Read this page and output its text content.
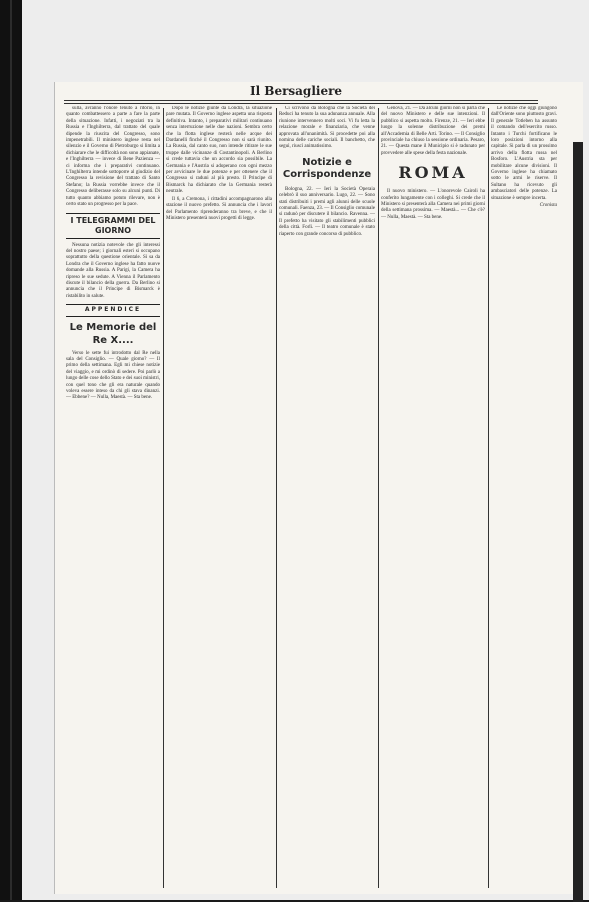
Il Bersagliere

sulla, avranno l'onore tenuto a ritorio, in quanto combattessero a parte a fare la parte della situazione. Infatti, i negoziati tra la Russia e l'Inghilterra, dal trattato del quale dipende la riuscita del Congresso, sono impenetrabili. Il ministero inglese resta nel silenzio e il Governo di Pietroburgo si limita a dichiarare che le difficoltà non sono appianate, e l'Inghilterra — invece di Bene Pazienza — ci informa che i preparativi continuano. L'Inghilterra intende sottoporre al giudizio del Congresso la revisione del trattato di Santo Stefano; la Russia vorrebbe invece che il Congresso deliberasse solo su alcuni punti. Di tutto quanto abbiamo potuto rilevare, non è certo stato un progresso per la pace.

I TELEGRAMMI DEL GIORNO

Nessuna notizia notevole che gli interessi del nostro paese; i giornali esteri si occupano soprattutto della questione orientale. Si sa da Londra che il Governo inglese ha fatto nuove domande alla Russia. A Parigi, la Camera ha ripreso le sue sedute. A Vienna il Parlamento discute il bilancio della guerra. Da Berlino si annuncia che il Principe di Bismarck è ristabilito in salute.

APPENDICE
Le Memorie del Re X....

Verso le sette fui introdotto dal Re nella sala del Consiglio. — Quale giorno? — Il primo della settimana. Egli mi chiese notizie del viaggio, e mi ordinò di sedere. Poi parlò a lungo delle cose dello Stato e dei suoi ministri, con quel tono che gli era naturale quando voleva essere inteso da chi gli stava dinanzi. — Ebbene? — Nulla, Maestà. — Sta bene.

Dopo le notizie giunte da Londra, la situazione pare mutata. Il Governo inglese aspetta una risposta definitiva. Intanto, i preparativi militari continuano senza interruzione nelle due nazioni. Sembra certo che la flotta inglese resterà nelle acque dei Dardanelli finché il Congresso non si sarà riunito. La Russia, dal canto suo, non intende ritirare le sue truppe dalle vicinanze di Costantinopoli. A Berlino si crede tuttavia che un accordo sia possibile. La Germania e l'Austria si adoperano con ogni mezzo per avvicinare le due potenze e per ottenere che il Congresso si raduni al più presto. Il Principe di Bismarck ha dichiarato che la Germania resterà neutrale.

Il 6, a Cremona, i cittadini accompagnarono alla stazione il nuovo prefetto. Si annuncia che i lavori del Parlamento riprenderanno tra breve, e che il Ministero presenterà nuovi progetti di legge.

Ci scrivono da Bologna che la Società dei Reduci ha tenuto la sua adunanza annuale. Alla riunione intervennero molti soci. Vi fu letta la relazione morale e finanziaria, che venne approvata all'unanimità. Si procedette poi alla nomina delle cariche sociali. Il banchetto, che seguì, riuscì animatissimo.

Notizie e Corrispondenze

Bologna, 22. — Ieri la Società Operaia celebrò il suo anniversario. Lugo, 22. — Sono stati distribuiti i premi agli alunni delle scuole comunali. Faenza, 23. — Il Consiglio comunale si radunò per discutere il bilancio. Ravenna. — Il prefetto ha visitato gli stabilimenti pubblici della città. Forlì. — Il teatro comunale è stato riaperto con grande concorso di pubblico.

Genova, 21. — Da alcuni giorni non si parla che del nuovo Ministero e delle sue intenzioni. Il pubblico si aspetta molto. Firenze, 21. — Ieri ebbe luogo la solenne distribuzione dei premi all'Accademia di Belle Arti. Torino. — Il Consiglio provinciale ha chiuso la sessione ordinaria. Pesaro, 21. — Questa mane il Municipio si è radunato per provvedere alle spese della festa nazionale.

ROMA

Il nuovo ministero. — L'onorevole Cairoli ha conferito lungamente con i colleghi. Si crede che il Ministero si presenterà alla Camera nei primi giorni della settimana prossima. — Maestà... — Che c'è? — Nulla, Maestà. — Sta bene.

Le notizie che oggi giungono dall'Oriente sono piuttosto gravi. Il generale Totleben ha assunto il comando dell'esercito russo. Intanto i Turchi fortificano le loro posizioni intorno alla capitale. Si parla di un prossimo arrivo della flotta russa nel Bosforo. L'Austria sta per mobilitare alcune divisioni. Il Governo inglese ha chiamato sotto le armi le riserve. Il Sultano ha ricevuto gli ambasciatori delle potenze. La situazione è sempre incerta.

Cronista
